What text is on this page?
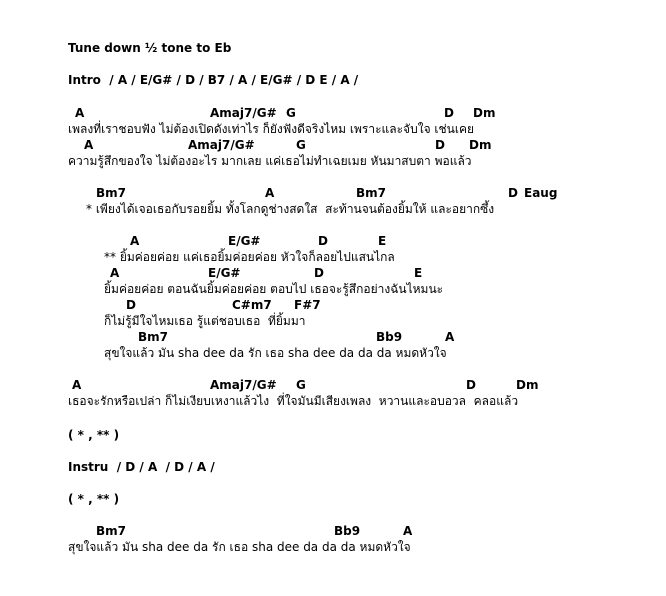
Tune down ½ tone to Eb
Intro  / A / E/G# / D / B7 / A / E/G# / D E / A /
A	Amaj7/G# G	D Dm
เพลงที่เราชอบฟัง ไม่ต้องเปิดดังเท่าไร ก็ยังฟังดีจริงไหม เพราะและจับใจ เช่นเคย
A	Amaj7/G#	G	D Dm
ความรู้สึกของใจ ไม่ต้องอะไร มากเลย แค่เธอไม่ทำเฉยเมย หันมาสบตา พอแล้ว
Bm7	A	Bm7	D Eaug
* เพียงได้เจอเธอกับรอยยิ้ม ทั้งโลกดูช่างสดใส  สะท้านจนต้องยิ้มให้ และอยากซึ้ง
A	E/G#	D	E
** ยิ้มค่อยค่อย แค่เธอยิ้มค่อยค่อย หัวใจก็ลอยไปแสนไกล
A	E/G#	D	E
ยิ้มค่อยค่อย ตอนฉันยิ้มค่อยค่อย ตอบไป เธอจะรู้สึกอย่างฉันไหมนะ
D	C#m7 F#7
ก็ไม่รู้มีใจไหมเธอ รู้แต่ชอบเธอ  ที่ยิ้มมา
Bm7	Bb9	A
สุขใจแล้ว มัน sha dee da รัก เธอ sha dee da da da หมดหัวใจ
A	Amaj7/G# G	D	Dm
เธอจะรักหรือเปล่า ก็ไม่เงียบเหงาแล้วไง  ที่ใจมันมีเสียงเพลง  หวานและอบอวล  คลอแล้ว
( * , ** )
Instru  / D / A  / D / A /
( * , ** )
Bm7	Bb9	A
สุขใจแล้ว มัน sha dee da รัก เธอ sha dee da da da หมดหัวใจ
